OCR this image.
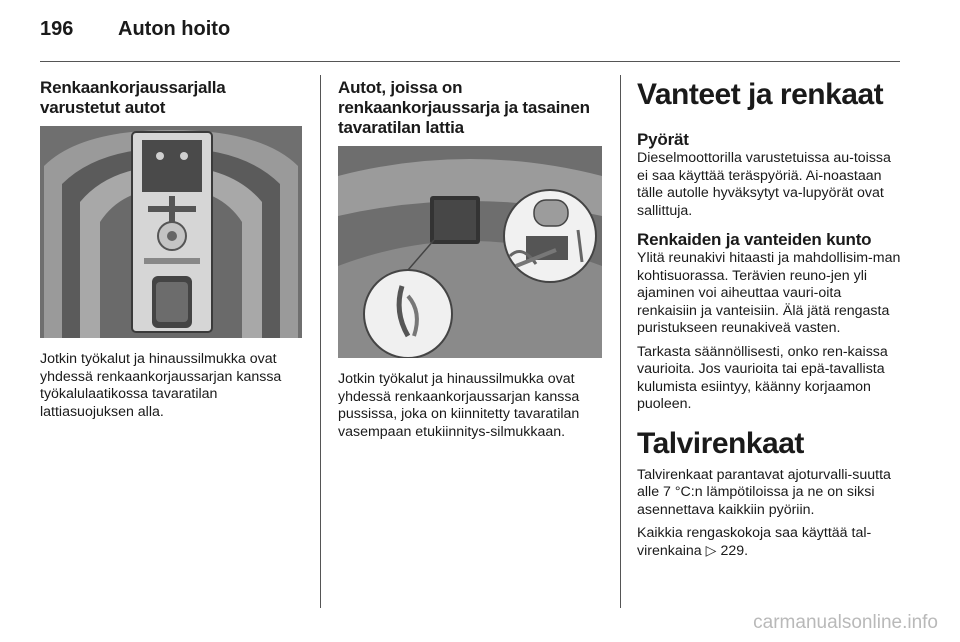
196 Auton hoito
Renkaankorjaussarjalla varustetut autot

Jotkin työkalut ja hinaussilmukka ovat yhdessä renkaankorjaussarjan kanssa työkalulaatikossa tavaratilan lattiasuojuksen alla.

Autot, joissa on renkaankorjaussarja ja tasainen tavaratilan lattia

Jotkin työkalut ja hinaussilmukka ovat yhdessä renkaankorjaussarjan kanssa pussissa, joka on kiinnitetty tavaratilan vasempaan etukiinnitys-silmukkaan.

Vanteet ja renkaat
Pyörät

Dieselmoottorilla varustetuissa au-toissa ei saa käyttää teräspyöriä. Ai-noastaan tälle autolle hyväksytyt va-lupyörät ovat sallittuja.

Renkaiden ja vanteiden kunto

Ylitä reunakivi hitaasti ja mahdollisim-man kohtisuorassa. Terävien reuno-jen yli ajaminen voi aiheuttaa vauri-oita renkaisiin ja vanteisiin. Älä jätä rengasta puristukseen reunakiveä vasten.

Tarkasta säännöllisesti, onko ren-kaissa vaurioita. Jos vaurioita tai epä-tavallista kulumista esiintyy, käänny korjaamon puoleen.

Talvirenkaat

Talvirenkaat parantavat ajoturvalli-suutta alle 7 °C:n lämpötiloissa ja ne on siksi asennettava kaikkiin pyöriin.

Kaikkia rengaskokoja saa käyttää tal-virenkaina ▷ 229.

carmanualsonline.info
